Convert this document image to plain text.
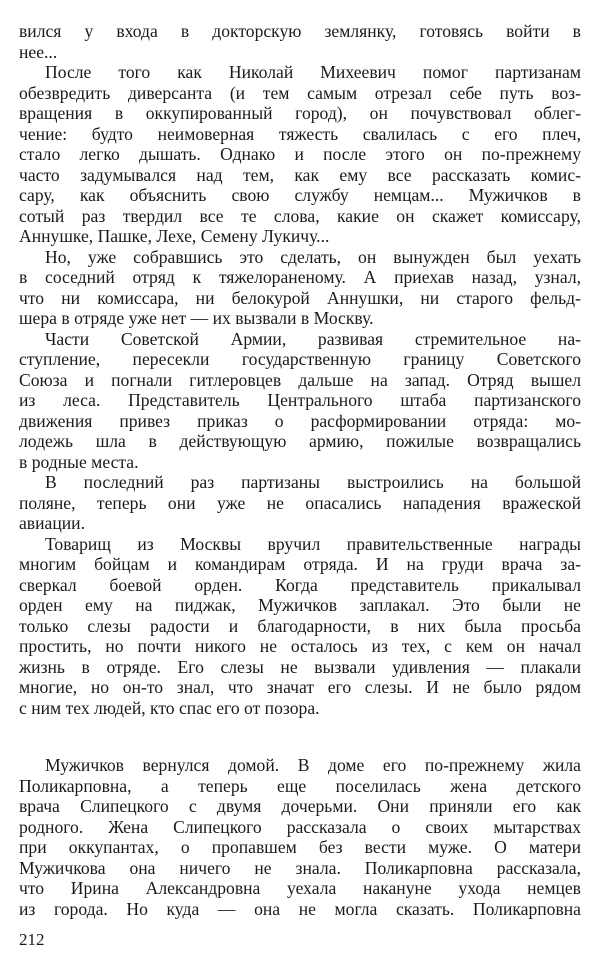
вился у входа в докторскую землянку, готовясь войти в
нее...
После того как Николай Михеевич помог партизанам
обезвредить диверсанта (и тем самым отрезал себе путь воз-
вращения в оккупированный город), он почувствовал облег-
чение: будто неимоверная тяжесть свалилась с его плеч,
стало легко дышать. Однако и после этого он по-прежнему
часто задумывался над тем, как ему все рассказать комис-
сару, как объяснить свою службу немцам... Мужичков в
сотый раз твердил все те слова, какие он скажет комиссару,
Аннушке, Пашке, Лехе, Семену Лукичу...
Но, уже собравшись это сделать, он вынужден был уехать
в соседний отряд к тяжелораненому. А приехав назад, узнал,
что ни комиссара, ни белокурой Аннушки, ни старого фельд-
шера в отряде уже нет — их вызвали в Москву.
Части Советской Армии, развивая стремительное на-
ступление, пересекли государственную границу Советского
Союза и погнали гитлеровцев дальше на запад. Отряд вышел
из леса. Представитель Центрального штаба партизанского
движения привез приказ о расформировании отряда: мо-
лодежь шла в действующую армию, пожилые возвращались
в родные места.
В последний раз партизаны выстроились на большой
поляне, теперь они уже не опасались нападения вражеской
авиации.
Товарищ из Москвы вручил правительственные награды
многим бойцам и командирам отряда. И на груди врача за-
сверкал боевой орден. Когда представитель прикалывал
орден ему на пиджак, Мужичков заплакал. Это были не
только слезы радости и благодарности, в них была просьба
простить, но почти никого не осталось из тех, с кем он начал
жизнь в отряде. Его слезы не вызвали удивления — плакали
многие, но он-то знал, что значат его слезы. И не было рядом
с ним тех людей, кто спас его от позора.
Мужичков вернулся домой. В доме его по-прежнему жила
Поликарповна, а теперь еще поселилась жена детского
врача Слипецкого с двумя дочерьми. Они приняли его как
родного. Жена Слипецкого рассказала о своих мытарствах
при оккупантах, о пропавшем без вести муже. О матери
Мужичкова она ничего не знала. Поликарповна рассказала,
что Ирина Александровна уехала накануне ухода немцев
из города. Но куда — она не могла сказать. Поликарповна
212
